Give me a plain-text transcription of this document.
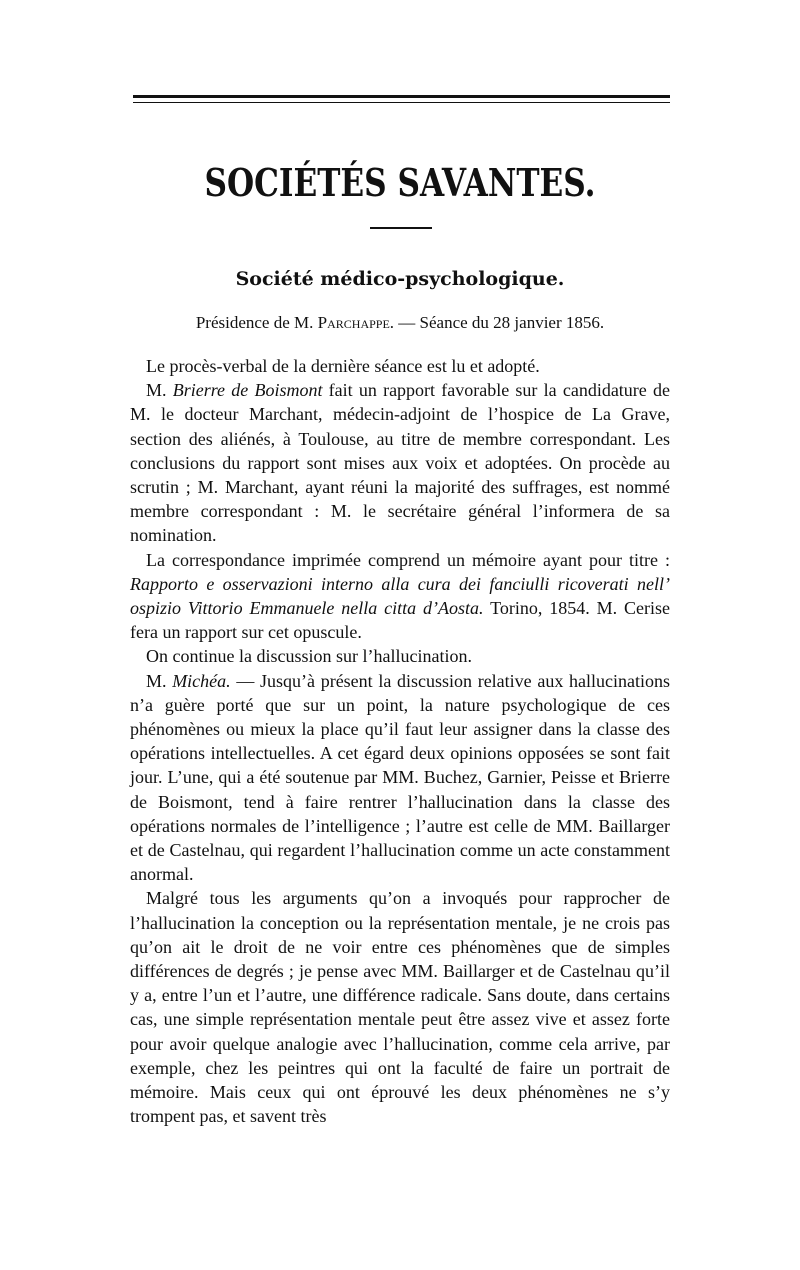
SOCIÉTÉS SAVANTES.
Société médico-psychologique.
Présidence de M. Parchappe. — Séance du 28 janvier 1856.

Le procès-verbal de la dernière séance est lu et adopté.

M. Brierre de Boismont fait un rapport favorable sur la candidature de M. le docteur Marchant, médecin-adjoint de l’hospice de La Grave, section des aliénés, à Toulouse, au titre de membre correspondant. Les conclusions du rapport sont mises aux voix et adoptées. On procède au scrutin ; M. Marchant, ayant réuni la majorité des suffrages, est nommé membre correspondant : M. le secrétaire général l’informera de sa nomination.

La correspondance imprimée comprend un mémoire ayant pour titre : Rapporto e osservazioni interno alla cura dei fanciulli ricoverati nell’ ospizio Vittorio Emmanuele nella citta d’Aosta. Torino, 1854. M. Cerise fera un rapport sur cet opuscule.

On continue la discussion sur l’hallucination.

M. Michéa. — Jusqu’à présent la discussion relative aux hallucinations n’a guère porté que sur un point, la nature psychologique de ces phénomènes ou mieux la place qu’il faut leur assigner dans la classe des opérations intellectuelles. A cet égard deux opinions opposées se sont fait jour. L’une, qui a été soutenue par MM. Buchez, Garnier, Peisse et Brierre de Boismont, tend à faire rentrer l’hallucination dans la classe des opérations normales de l’intelligence ; l’autre est celle de MM. Baillarger et de Castelnau, qui regardent l’hallucination comme un acte constamment anormal.

Malgré tous les arguments qu’on a invoqués pour rapprocher de l’hallucination la conception ou la représentation mentale, je ne crois pas qu’on ait le droit de ne voir entre ces phénomènes que de simples différences de degrés ; je pense avec MM. Baillarger et de Castelnau qu’il y a, entre l’un et l’autre, une différence radicale. Sans doute, dans certains cas, une simple représentation mentale peut être assez vive et assez forte pour avoir quelque analogie avec l’hallucination, comme cela arrive, par exemple, chez les peintres qui ont la faculté de faire un portrait de mémoire. Mais ceux qui ont éprouvé les deux phénomènes ne s’y trompent pas, et savent très
